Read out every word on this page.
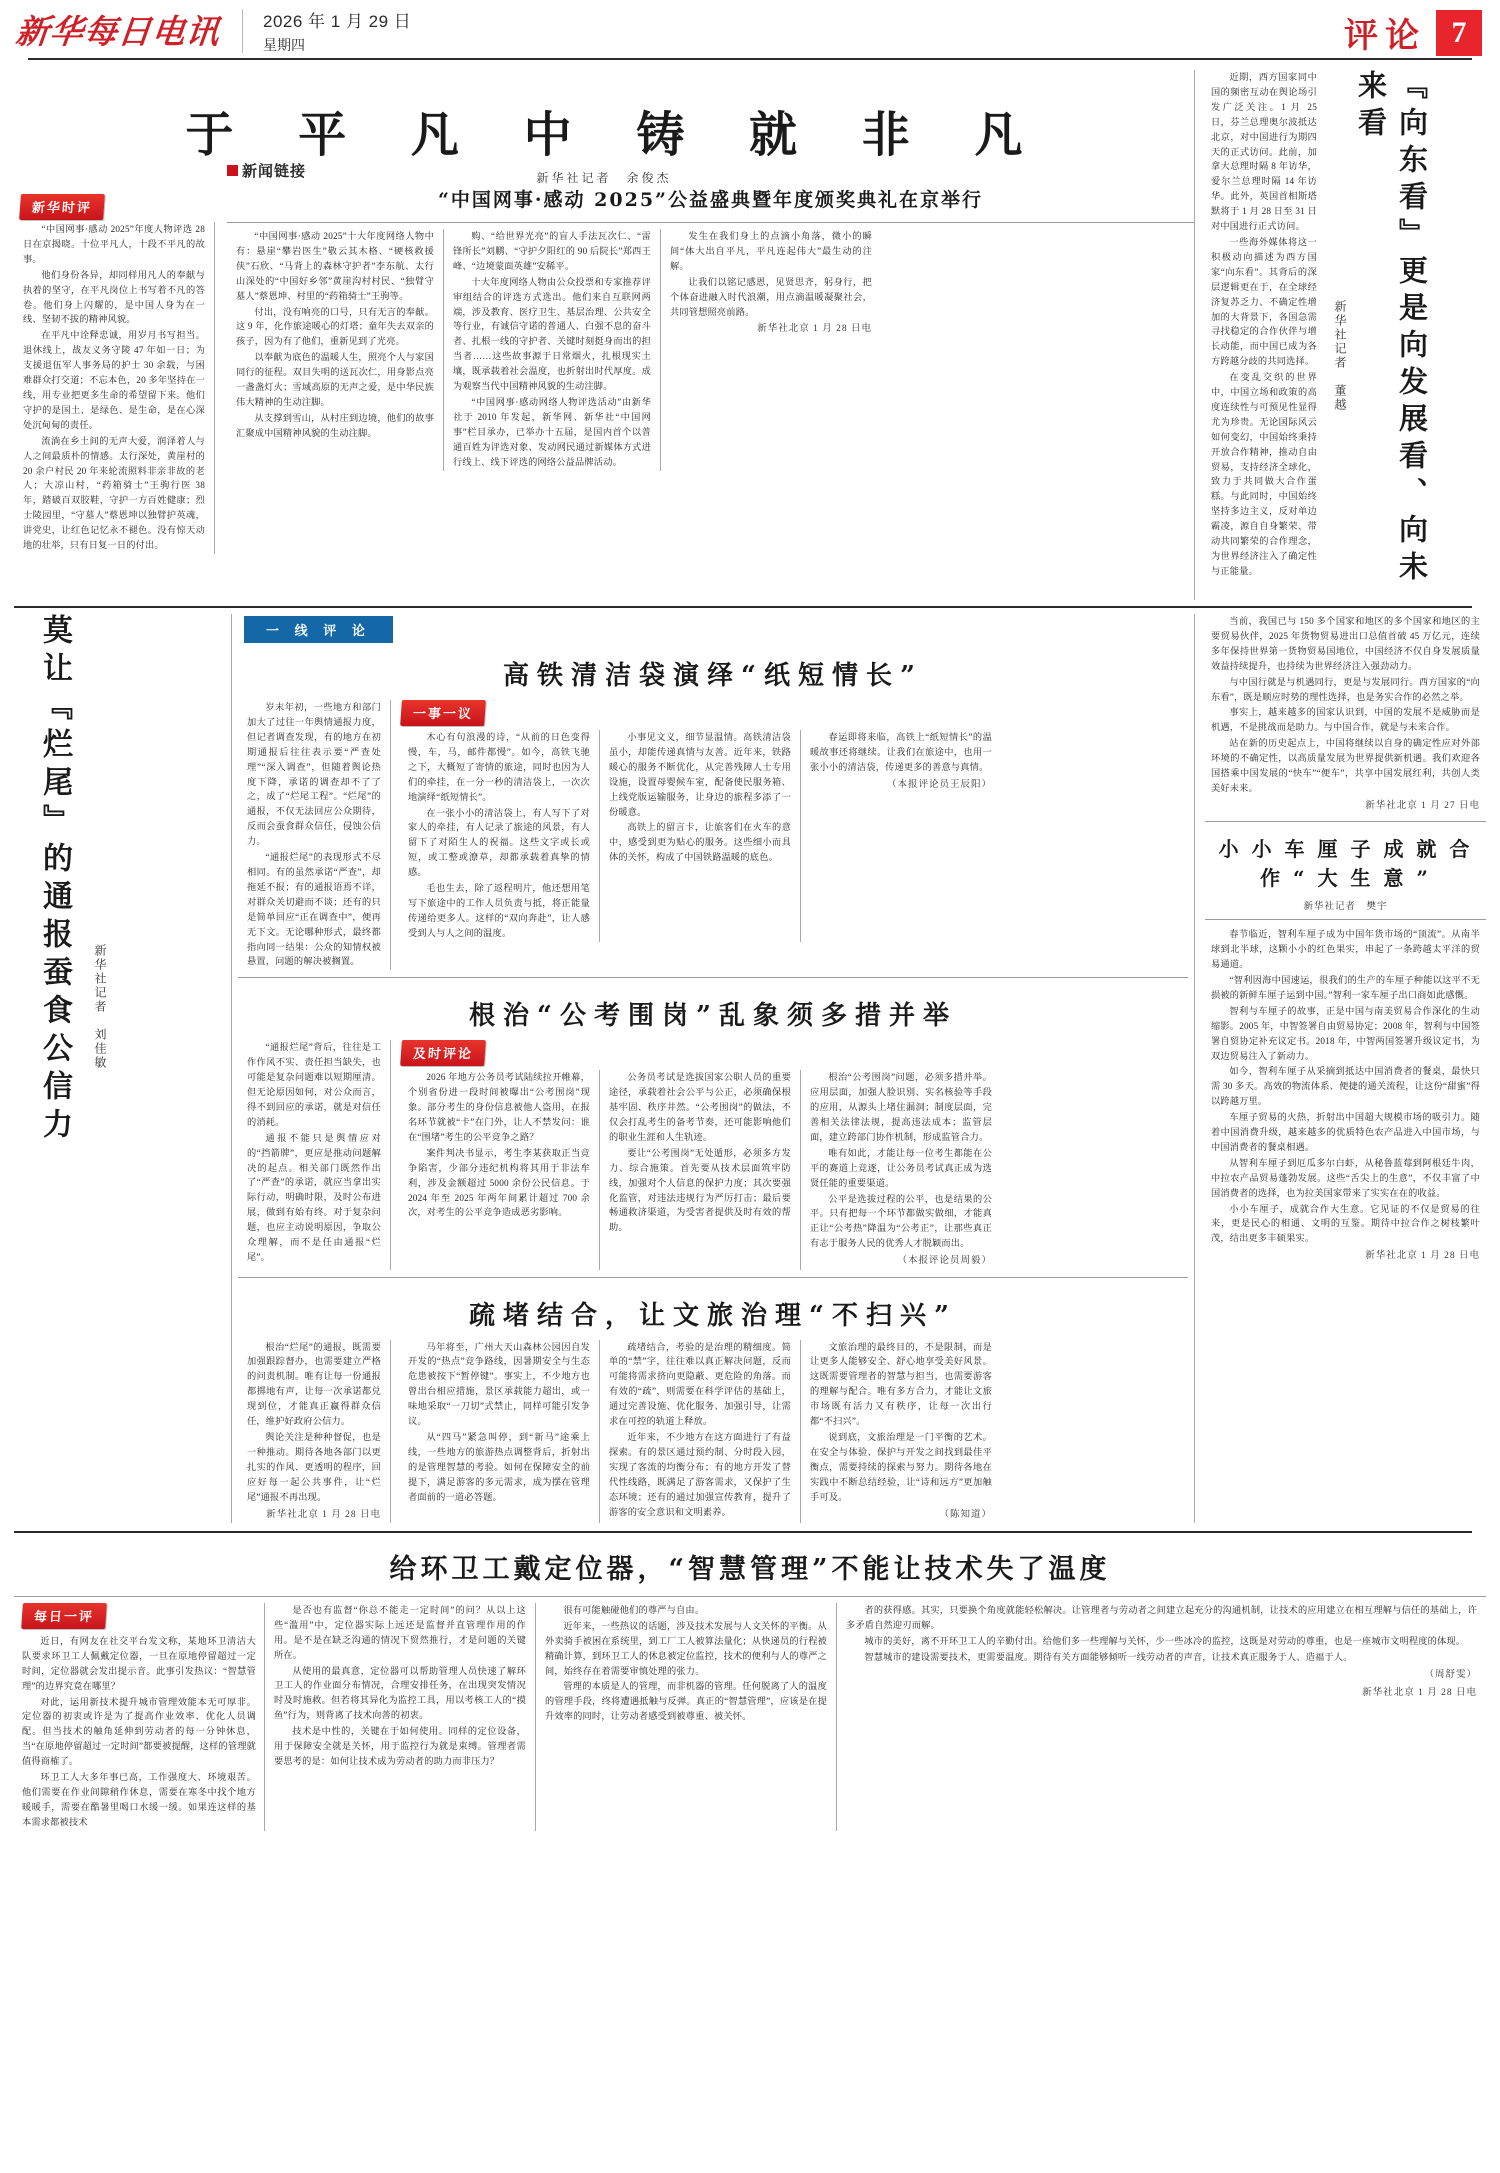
新华每日电讯 2026 年 1 月 29 日
星期四	评论 7
于 平 凡 中 铸 就 非 凡
新华社记者　余俊杰
新华时评

“中国网事·感动 2025”年度人物评选 28 日在京揭晓。十位平凡人，十段不平凡的故事。

他们身份各异，却同样用凡人的奉献与执着的坚守，在平凡岗位上书写着不凡的答卷。他们身上闪耀的，是中国人身为在一线、坚韧不拔的精神风貌。

在平凡中诠释忠诚，用岁月书写担当。退休线上，战友义务守陵 47 年如一日；为支援退伍军人事务局的护士 30 余载，与困难群众打交道；不忘本色，20 多年坚持在一线，用专业把更多生命的希望留下来。他们守护的是国土、是绿色、是生命，是在心深处沉甸甸的责任。

流淌在乡土间的无声大爱，润泽着人与人之间最质朴的情感。太行深处，黄崖村的 20 余户村民 20 年来轮流照料非亲非故的老人；大凉山村，“药箱骑士”王驹行医 38 年，踏破百双胶鞋，守护一方百姓健康；烈士陵园里，“守墓人”蔡恩坤以独臂护英魂，讲党史，让红色记忆永不褪色。没有惊天动地的壮举，只有日复一日的付出。

新闻链接
“中国网事·感动 2025”公益盛典暨年度颁奖典礼在京举行

“中国网事·感动 2025”十大年度网络人物中有：悬崖“攀岩医生”敬云其木格、“硬核救援侠”石欣、“马背上的森林守护者”李东航、太行山深处的“中国好乡邻”黄崖沟村村民、“独臂守墓人”蔡恩坤、村里的“药箱骑士”王驹等。

付出，没有响亮的口号，只有无言的奉献。这 9 年，化作旅途暖心的灯塔；童年失去双亲的孩子，因为有了他们，重新见到了光亮。

以奉献为底色的温暖人生，照亮个人与家国同行的征程。双目失明的送瓦次仁，用身影点亮一盏盏灯火；雪域高原的无声之爱，是中华民族伟大精神的生动注脚。

从支撑到雪山，从村庄到边境，他们的故事汇聚成中国精神风貌的生动注脚。

购、“给世界光亮”的盲人手法瓦次仁、“雷锋所长”刘鹏、“守护夕阳红的 90 后院长”郑西王峰、“边境蒙面英雄”安稀平。

十大年度网络人物由公众投票和专家推荐评审组结合的评选方式选出。他们来自互联网两端，涉及教育、医疗卫生、基层治理、公共安全等行业，有诚信守诺的普通人、白强不息的奋斗者、扎根一线的守护者、关键时刻挺身而出的担当者……这些故事源于日常烟火，扎根现实土壤，既承载着社会温度，也折射出时代厚度。成为观察当代中国精神风貌的生动注脚。

“中国网事·感动网络人物评选活动”由新华社于 2010 年发起，新华网、新华社“中国网事”栏目承办，已举办十五届，是国内首个以普通百姓为评选对象、发动网民通过新媒体方式进行线上、线下评选的网络公益品牌活动。

发生在我们身上的点滴小角落，微小的瞬间“体大出自平凡，平凡连起伟大”最生动的注解。

让我们以铭记感恩，见贤思齐，躬身行，把个体奋进融入时代浪潮，用点滴温暖凝聚社会，共同管想照亮前路。

新华社北京 1 月 28 日电

近期，西方国家同中国的频密互动在舆论场引发广泛关注。1 月 25 日，芬兰总理奥尔波抵达北京，对中国进行为期四天的正式访问。此前，加拿大总理时隔 8 年访华，爱尔兰总理时隔 14 年访华。此外，英国首相斯塔默将于 1 月 28 日至 31 日对中国进行正式访问。

一些海外媒体将这一积极动向描述为西方国家“向东看”。其背后的深层逻辑更在于，在全球经济复苏乏力、不确定性增加的大背景下，各国急需寻找稳定的合作伙伴与增长动能，而中国已成为各方跨越分歧的共同选择。

在变乱交织的世界中，中国立场和政策的高度连续性与可预见性显得尤为珍贵。无论国际风云如何变幻，中国始终秉持开放合作精神，推动自由贸易，支持经济全球化，致力于共同做大合作蛋糕。与此同时，中国始终坚持多边主义，反对单边霸凌，源自自身繁荣、带动共同繁荣的合作理念，为世界经济注入了确定性与正能量。

新华社记者　董越	『向东看』更是向发展看、向未来看
莫让『烂尾』的通报蚕食公信力	新华社记者　刘佳敏
一 线 评 论
高铁清洁袋演绎“纸短情长”

岁末年初，一些地方和部门加大了过往一年舆情通报力度，但记者调查发现，有的地方在初期通报后往往表示要“严查处理”“深入调查”，但随着舆论热度下降，承诺的调查却不了了之，成了“烂尾工程”。“烂尾”的通报，不仅无法回应公众期待，反而会蚕食群众信任，侵蚀公信力。

“通报烂尾”的表现形式不尽相同。有的虽然承诺“严查”，却拖延不报；有的通报语焉不详，对群众关切避而不谈；还有的只是简单回应“正在调查中”，便再无下文。无论哪种形式，最终都指向同一结果：公众的知情权被悬置，问题的解决被搁置。

一事一议

木心有句浪漫的诗，“从前的日色变得慢，车，马，邮件都慢”。如今，高铁飞驰之下，大概短了寄情的旅途，同时也因为人们的牵挂，在一分一秒的清洁袋上，一次次地演绎“纸短情长”。

在一张小小的清洁袋上，有人写下了对家人的牵挂，有人记录了旅途的风景，有人留下了对陌生人的祝福。这些文字或长或短，或工整或潦草，却都承载着真挚的情感。

毛也生去，除了返程明片，他还想用笔写下旅途中的工作人员负责与抵，将正能量传递给更多人。这样的“双向奔赴”，让人感受到人与人之间的温度。

小事见文义，细节显温情。高铁清洁袋虽小，却能传递真情与友善。近年来，铁路暖心的服务不断优化，从完善残障人士专用设施，设置母婴候车室，配备使民服务箱、上线党版运输服务，让身边的旅程多添了一份暖意。

高铁上的留言卡，让旅客们在火车的意中，感受到更为贴心的服务。这些细小而具体的关怀，构成了中国铁路温暖的底色。

春运即将来临，高铁上“纸短情长”的温暖故事还将继续。让我们在旅途中，也用一张小小的清洁袋，传递更多的善意与真情。

（本报评论员王辰阳）
根治“公考围岗”乱象须多措并举

“通报烂尾”背后，往往是工作作风不实、责任担当缺失，也可能是复杂问题难以短期厘清。但无论原因如何，对公众而言，得不到回应的承诺，就是对信任的消耗。

通报不能只是舆情应对的“挡箭牌”，更应是推动问题解决的起点。相关部门既然作出了“严查”的承诺，就应当拿出实际行动，明确时限，及时公布进展，做到有始有终。对于复杂问题，也应主动说明原因，争取公众理解，而不是任由通报“烂尾”。

及时评论

2026 年地方公务员考试陆续拉开帷幕，个别省份进一段时间被曝出“公考围岗”现象。部分考生的身份信息被他人盗用，在报名环节就被“卡”在门外，让人不禁发问：谁在“围堵”考生的公平竞争之路？

案件判决书显示，考生李某获取正当竞争陷害，少部分违纪机构将其用于非法牟利，涉及金额超过 5000 余份公民信息。于 2024 年至 2025 年两年间累计超过 700 余次，对考生的公平竞争造成恶劣影响。

公务员考试是选拔国家公职人员的重要途径，承载着社会公平与公正，必须确保根基牢固、秩序井然。“公考围岗”的做法，不仅会打乱考生的备考节奏，还可能影响他们的职业生涯和人生轨迹。

要让“公考围岗”无处遁形，必须多方发力、综合施策。首先要从技术层面筑牢防线，加强对个人信息的保护力度；其次要强化监管，对违法违规行为严厉打击；最后要畅通救济渠道，为受害者提供及时有效的帮助。

根治“公考围岗”问题，必须多措并举。应用层面，加强人脸识别、实名核验等手段的应用，从源头上堵住漏洞；制度层面，完善相关法律法规，提高违法成本；监管层面，建立跨部门协作机制，形成监管合力。

唯有如此，才能让每一位考生都能在公平的赛道上竞逐，让公务员考试真正成为选贤任能的重要渠道。

公平是选拔过程的公平，也是结果的公平。只有把每一个环节都做实做细，才能真正让“公考热”降温为“公考正”，让那些真正有志于服务人民的优秀人才脱颖而出。

（本报评论员周毅）
疏堵结合，让文旅治理“不扫兴”

根治“烂尾”的通报，既需要加强跟踪督办，也需要建立严格的问责机制。唯有让每一份通报都掷地有声，让每一次承诺都兑现到位，才能真正赢得群众信任，维护好政府公信力。

舆论关注是种种督促，也是一种推动。期待各地各部门以更扎实的作风、更透明的程序，回应好每一起公共事件，让“烂尾”通报不再出现。

新华社北京 1 月 28 日电

马年将至，广州大天山森林公园因自发开发的“热点”竞争路线，因暑期安全与生态危患被按下“暂停键”。事实上，不少地方也曾出台相应措施，景区承载能力超出，或一味地采取“一刀切”式禁止，同样可能引发争议。

从“四马”紧急叫停，到“新马”途乘上线，一些地方的旅游热点调整背后，折射出的是管理智慧的考验。如何在保障安全的前提下，满足游客的多元需求，成为摆在管理者面前的一道必答题。

疏堵结合，考验的是治理的精细度。简单的“禁”字，往往难以真正解决问题，反而可能将需求挤向更隐蔽、更危险的角落。而有效的“疏”，则需要在科学评估的基础上，通过完善设施、优化服务、加强引导，让需求在可控的轨道上释放。

近年来，不少地方在这方面进行了有益探索。有的景区通过预约制、分时段入园，实现了客流的均衡分布；有的地方开发了替代性线路，既满足了游客需求，又保护了生态环境；还有的通过加强宣传教育，提升了游客的安全意识和文明素养。

文旅治理的最终目的，不是限制，而是让更多人能够安全、舒心地享受美好风景。这既需要管理者的智慧与担当，也需要游客的理解与配合。唯有多方合力，才能让文旅市场既有活力又有秩序，让每一次出行都“不扫兴”。

说到底，文旅治理是一门平衡的艺术。在安全与体验、保护与开发之间找到最佳平衡点，需要持续的探索与努力。期待各地在实践中不断总结经验，让“诗和远方”更加触手可及。

（陈知道）

当前，我国已与 150 多个国家和地区的多个国家和地区的主要贸易伙伴，2025 年货物贸易进出口总值首破 45 万亿元，连续多年保持世界第一货物贸易国地位，中国经济不仅自身发展质量效益持续提升，也持续为世界经济注入强劲动力。

与中国行就是与机遇同行，更是与发展同行。西方国家的“向东看”，既是顺应时势的理性选择，也是务实合作的必然之举。

事实上，越来越多的国家认识到，中国的发展不是威胁而是机遇，不是挑战而是助力。与中国合作，就是与未来合作。

站在新的历史起点上，中国将继续以自身的确定性应对外部环境的不确定性，以高质量发展为世界提供新机遇。我们欢迎各国搭乘中国发展的“快车”“便车”，共享中国发展红利，共创人类美好未来。

新华社北京 1 月 27 日电
小 小 车 厘 子 成 就 合 作 “ 大 生 意 ”
新华社记者　樊宇

春节临近，智利车厘子成为中国年货市场的“顶流”。从南半球到北半球，这颗小小的红色果实，串起了一条跨越太平洋的贸易通道。

“智利因海中国速运，很我们的生产的车厘子种能以这平不无损被的新鲜车厘子运到中国。”智利一家车厘子出口商如此感慨。

智利与车厘子的故事，正是中国与南美贸易合作深化的生动缩影。2005 年，中智签署自由贸易协定；2008 年，智利与中国签署自贸协定补充议定书。2018 年，中智两国签署升级议定书，为双边贸易注入了新动力。

如今，智利车厘子从采摘到抵达中国消费者的餐桌，最快只需 30 多天。高效的物流体系、便捷的通关流程，让这份“甜蜜”得以跨越万里。

车厘子贸易的火热，折射出中国超大规模市场的吸引力。随着中国消费升级，越来越多的优质特色农产品进入中国市场，与中国消费者的餐桌相遇。

从智利车厘子到厄瓜多尔白虾，从秘鲁蓝莓到阿根廷牛肉，中拉农产品贸易蓬勃发展。这些“舌尖上的生意”，不仅丰富了中国消费者的选择，也为拉美国家带来了实实在在的收益。

小小车厘子，成就合作大生意。它见证的不仅是贸易的往来，更是民心的相通、文明的互鉴。期待中拉合作之树枝繁叶茂，结出更多丰硕果实。

新华社北京 1 月 28 日电
给环卫工戴定位器，“智慧管理”不能让技术失了温度
每日一评

近日，有网友在社交平台发文称，某地环卫清洁大队要求环卫工人佩戴定位器，一旦在原地停留超过一定时间，定位器就会发出提示音。此事引发热议：“智慧管理”的边界究竟在哪里？

对此，运用新技术提升城市管理效能本无可厚非。定位器的初衷或许是为了提高作业效率、优化人员调配。但当技术的触角延伸到劳动者的每一分钟休息，当“在原地停留超过一定时间”都要被提醒，这样的管理就值得商榷了。

环卫工人大多年事已高，工作强度大、环境艰苦。他们需要在作业间隙稍作休息，需要在寒冬中找个地方暖暖手，需要在酷暑里喝口水缓一缓。如果连这样的基本需求都被技术

是否也有监督“你总不能走一定时间”的问？从以上这些“滥用”中，定位器实际上远还是监督并直管理作用的作用。是不是在缺乏沟通的情况下贸然推行，才是问题的关键所在。

从使用的最真意，定位器可以帮助管理人员快速了解环卫工人的作业面分布情况，合理安排任务，在出现突发情况时及时施救。但若将其异化为监控工具，用以考核工人的“摸鱼”行为，则背离了技术向善的初衷。

技术是中性的，关键在于如何使用。同样的定位设备，用于保障安全就是关怀，用于监控行为就是束缚。管理者需要思考的是：如何让技术成为劳动者的助力而非压力？

很有可能触碰他们的尊严与自由。

近年来，一些热议的话题，涉及技术发展与人文关怀的平衡。从外卖骑手被困在系统里，到工厂工人被算法量化；从快递员的行程被精确计算，到环卫工人的休息被定位监控，技术的便利与人的尊严之间，始终存在着需要审慎处理的张力。

管理的本质是人的管理，而非机器的管理。任何脱离了人的温度的管理手段，终将遭遇抵触与反弹。真正的“智慧管理”，应该是在提升效率的同时，让劳动者感受到被尊重、被关怀。

者的获得感。其实，只要换个角度就能轻松解决。让管理者与劳动者之间建立起充分的沟通机制，让技术的应用建立在相互理解与信任的基础上，许多矛盾自然迎刃而解。

城市的美好，离不开环卫工人的辛勤付出。给他们多一些理解与关怀，少一些冰冷的监控，这既是对劳动的尊重，也是一座城市文明程度的体现。

智慧城市的建设需要技术，更需要温度。期待有关方面能够倾听一线劳动者的声音，让技术真正服务于人、造福于人。

（周舒雯）
新华社北京 1 月 28 日电
